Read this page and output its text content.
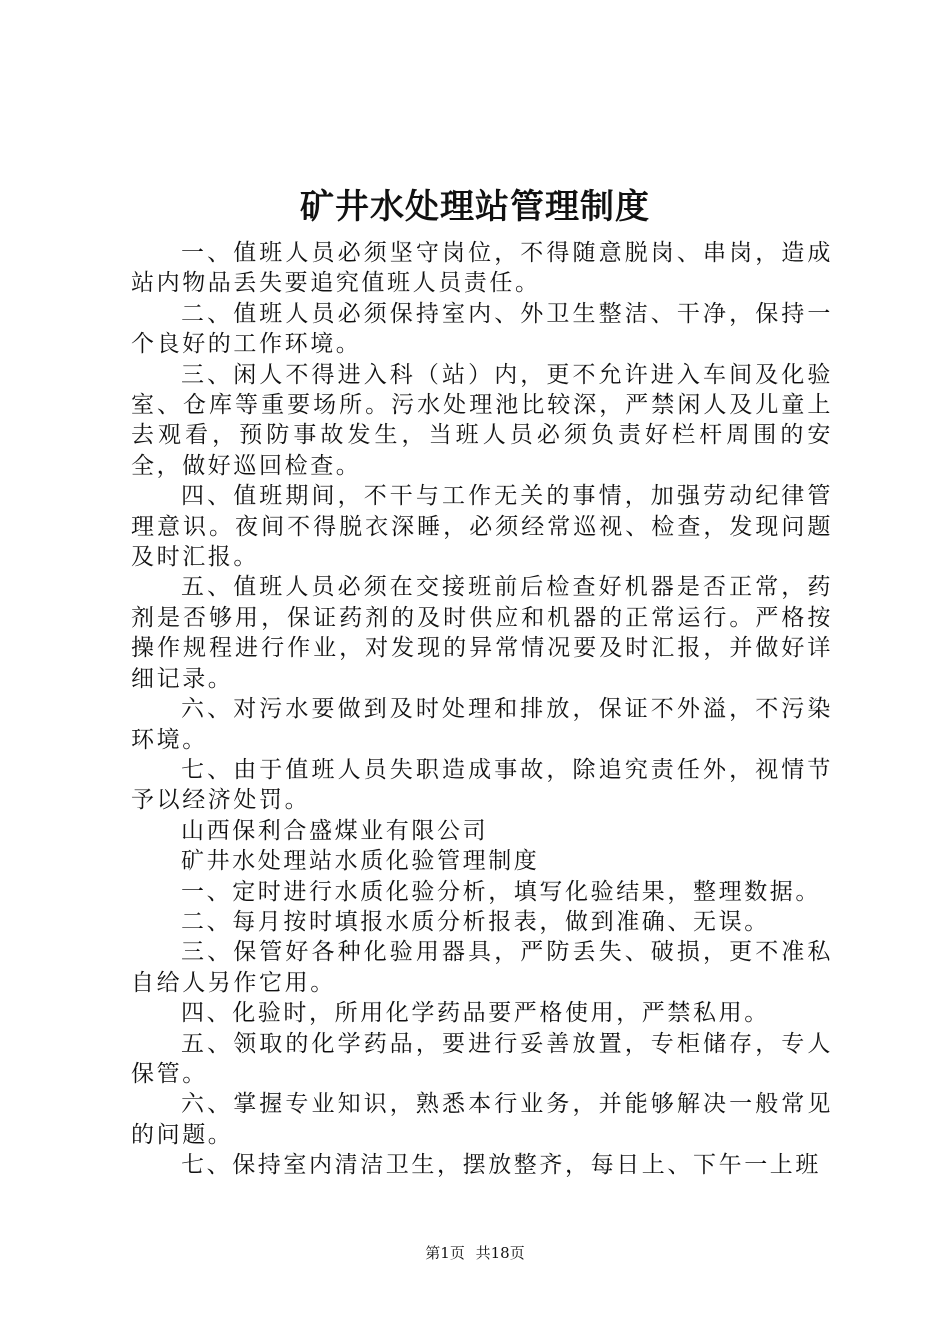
矿井水处理站管理制度

一、值班人员必须坚守岗位，不得随意脱岗、串岗，造成站内物品丢失要追究值班人员责任。

二、值班人员必须保持室内、外卫生整洁、干净，保持一个良好的工作环境。

三、闲人不得进入科（站）内，更不允许进入车间及化验室、仓库等重要场所。污水处理池比较深，严禁闲人及儿童上去观看，预防事故发生，当班人员必须负责好栏杆周围的安全，做好巡回检查。

四、值班期间，不干与工作无关的事情，加强劳动纪律管理意识。夜间不得脱衣深睡，必须经常巡视、检查，发现问题及时汇报。

五、值班人员必须在交接班前后检查好机器是否正常，药剂是否够用，保证药剂的及时供应和机器的正常运行。严格按操作规程进行作业，对发现的异常情况要及时汇报，并做好详细记录。

六、对污水要做到及时处理和排放，保证不外溢，不污染环境。

七、由于值班人员失职造成事故，除追究责任外，视情节予以经济处罚。

山西保利合盛煤业有限公司

矿井水处理站水质化验管理制度

一、定时进行水质化验分析，填写化验结果，整理数据。

二、每月按时填报水质分析报表，做到准确、无误。

三、保管好各种化验用器具，严防丢失、破损，更不准私自给人另作它用。

四、化验时，所用化学药品要严格使用，严禁私用。

五、领取的化学药品，要进行妥善放置，专柜储存，专人保管。

六、掌握专业知识，熟悉本行业务，并能够解决一般常见的问题。

七、保持室内清洁卫生，摆放整齐，每日上、下午一上班

第1页 共18页
